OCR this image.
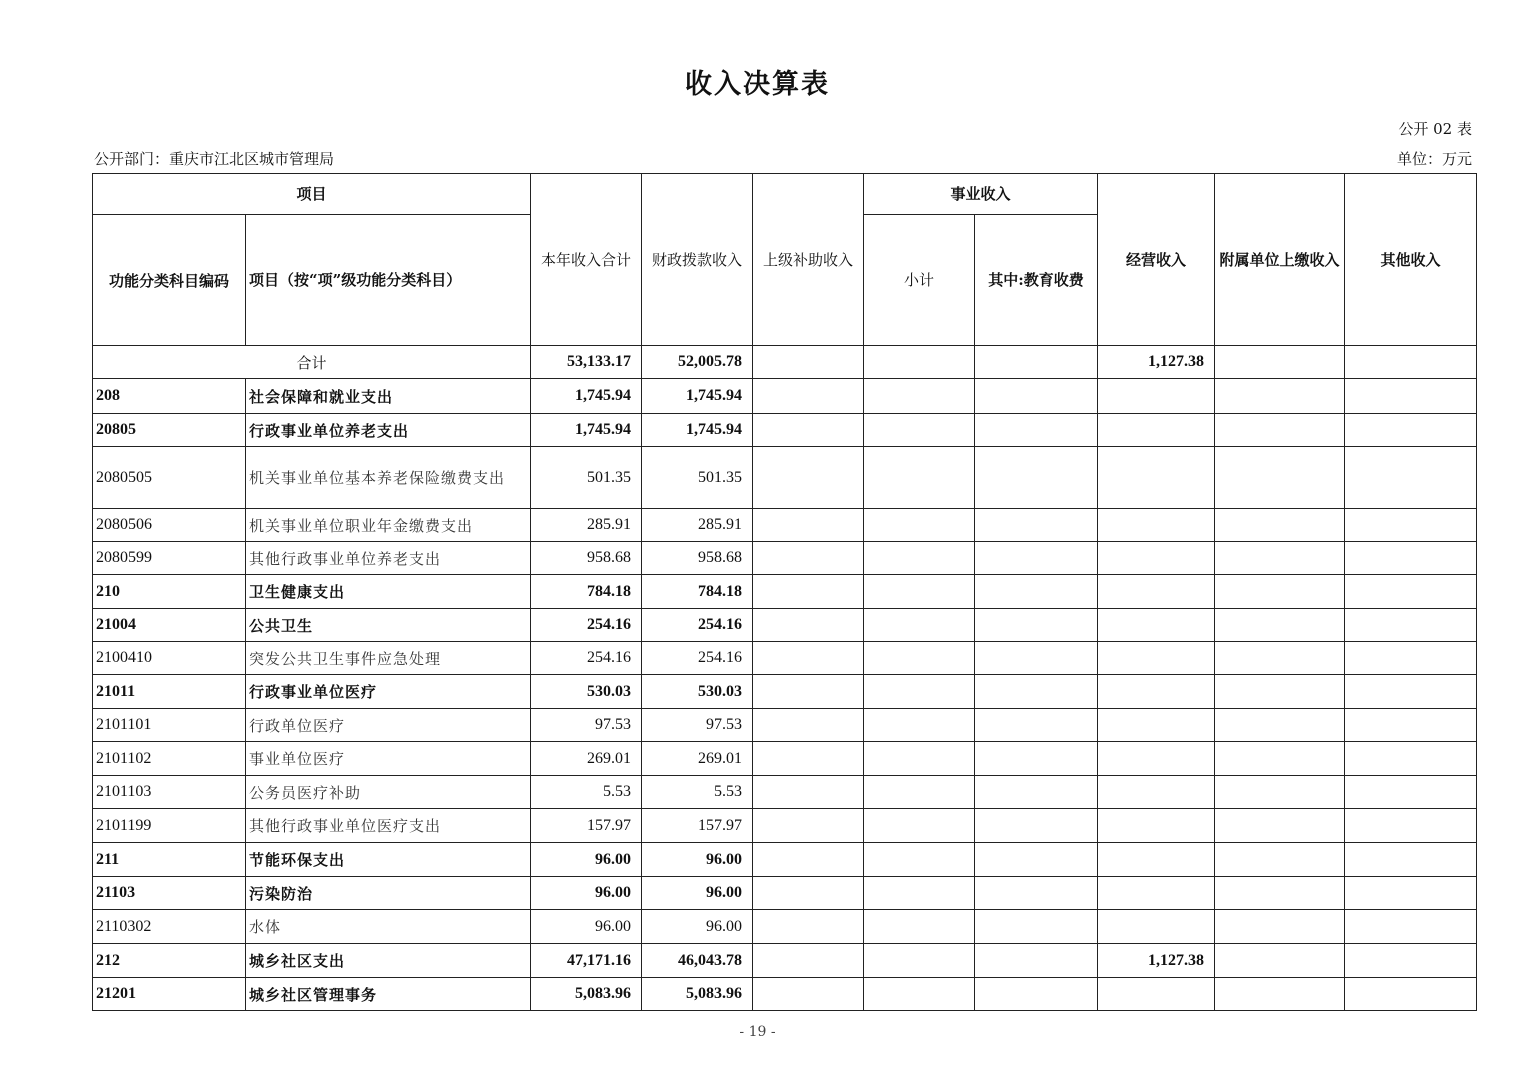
收入决算表
公开 02 表
公开部门：重庆市江北区城市管理局	单位：万元
项目		本年收入合计	财政拨款收入	上级补助收入	事业收入		经营收入	附属单位上缴收入	其他收入
功能分类科目编码	项目（按“项”级功能分类科目）				小计	其中:教育收费			
合计		53,133.17	52,005.78				1,127.38		
208	社会保障和就业支出	1,745.94	1,745.94						
20805	行政事业单位养老支出	1,745.94	1,745.94						
2080505	机关事业单位基本养老保险缴费支出	501.35	501.35						
2080506	机关事业单位职业年金缴费支出	285.91	285.91						
2080599	其他行政事业单位养老支出	958.68	958.68						
210	卫生健康支出	784.18	784.18						
21004	公共卫生	254.16	254.16						
2100410	突发公共卫生事件应急处理	254.16	254.16						
21011	行政事业单位医疗	530.03	530.03						
2101101	行政单位医疗	97.53	97.53						
2101102	事业单位医疗	269.01	269.01						
2101103	公务员医疗补助	5.53	5.53						
2101199	其他行政事业单位医疗支出	157.97	157.97						
211	节能环保支出	96.00	96.00						
21103	污染防治	96.00	96.00						
2110302	水体	96.00	96.00						
212	城乡社区支出	47,171.16	46,043.78				1,127.38		
21201	城乡社区管理事务	5,083.96	5,083.96						
- 19 -
